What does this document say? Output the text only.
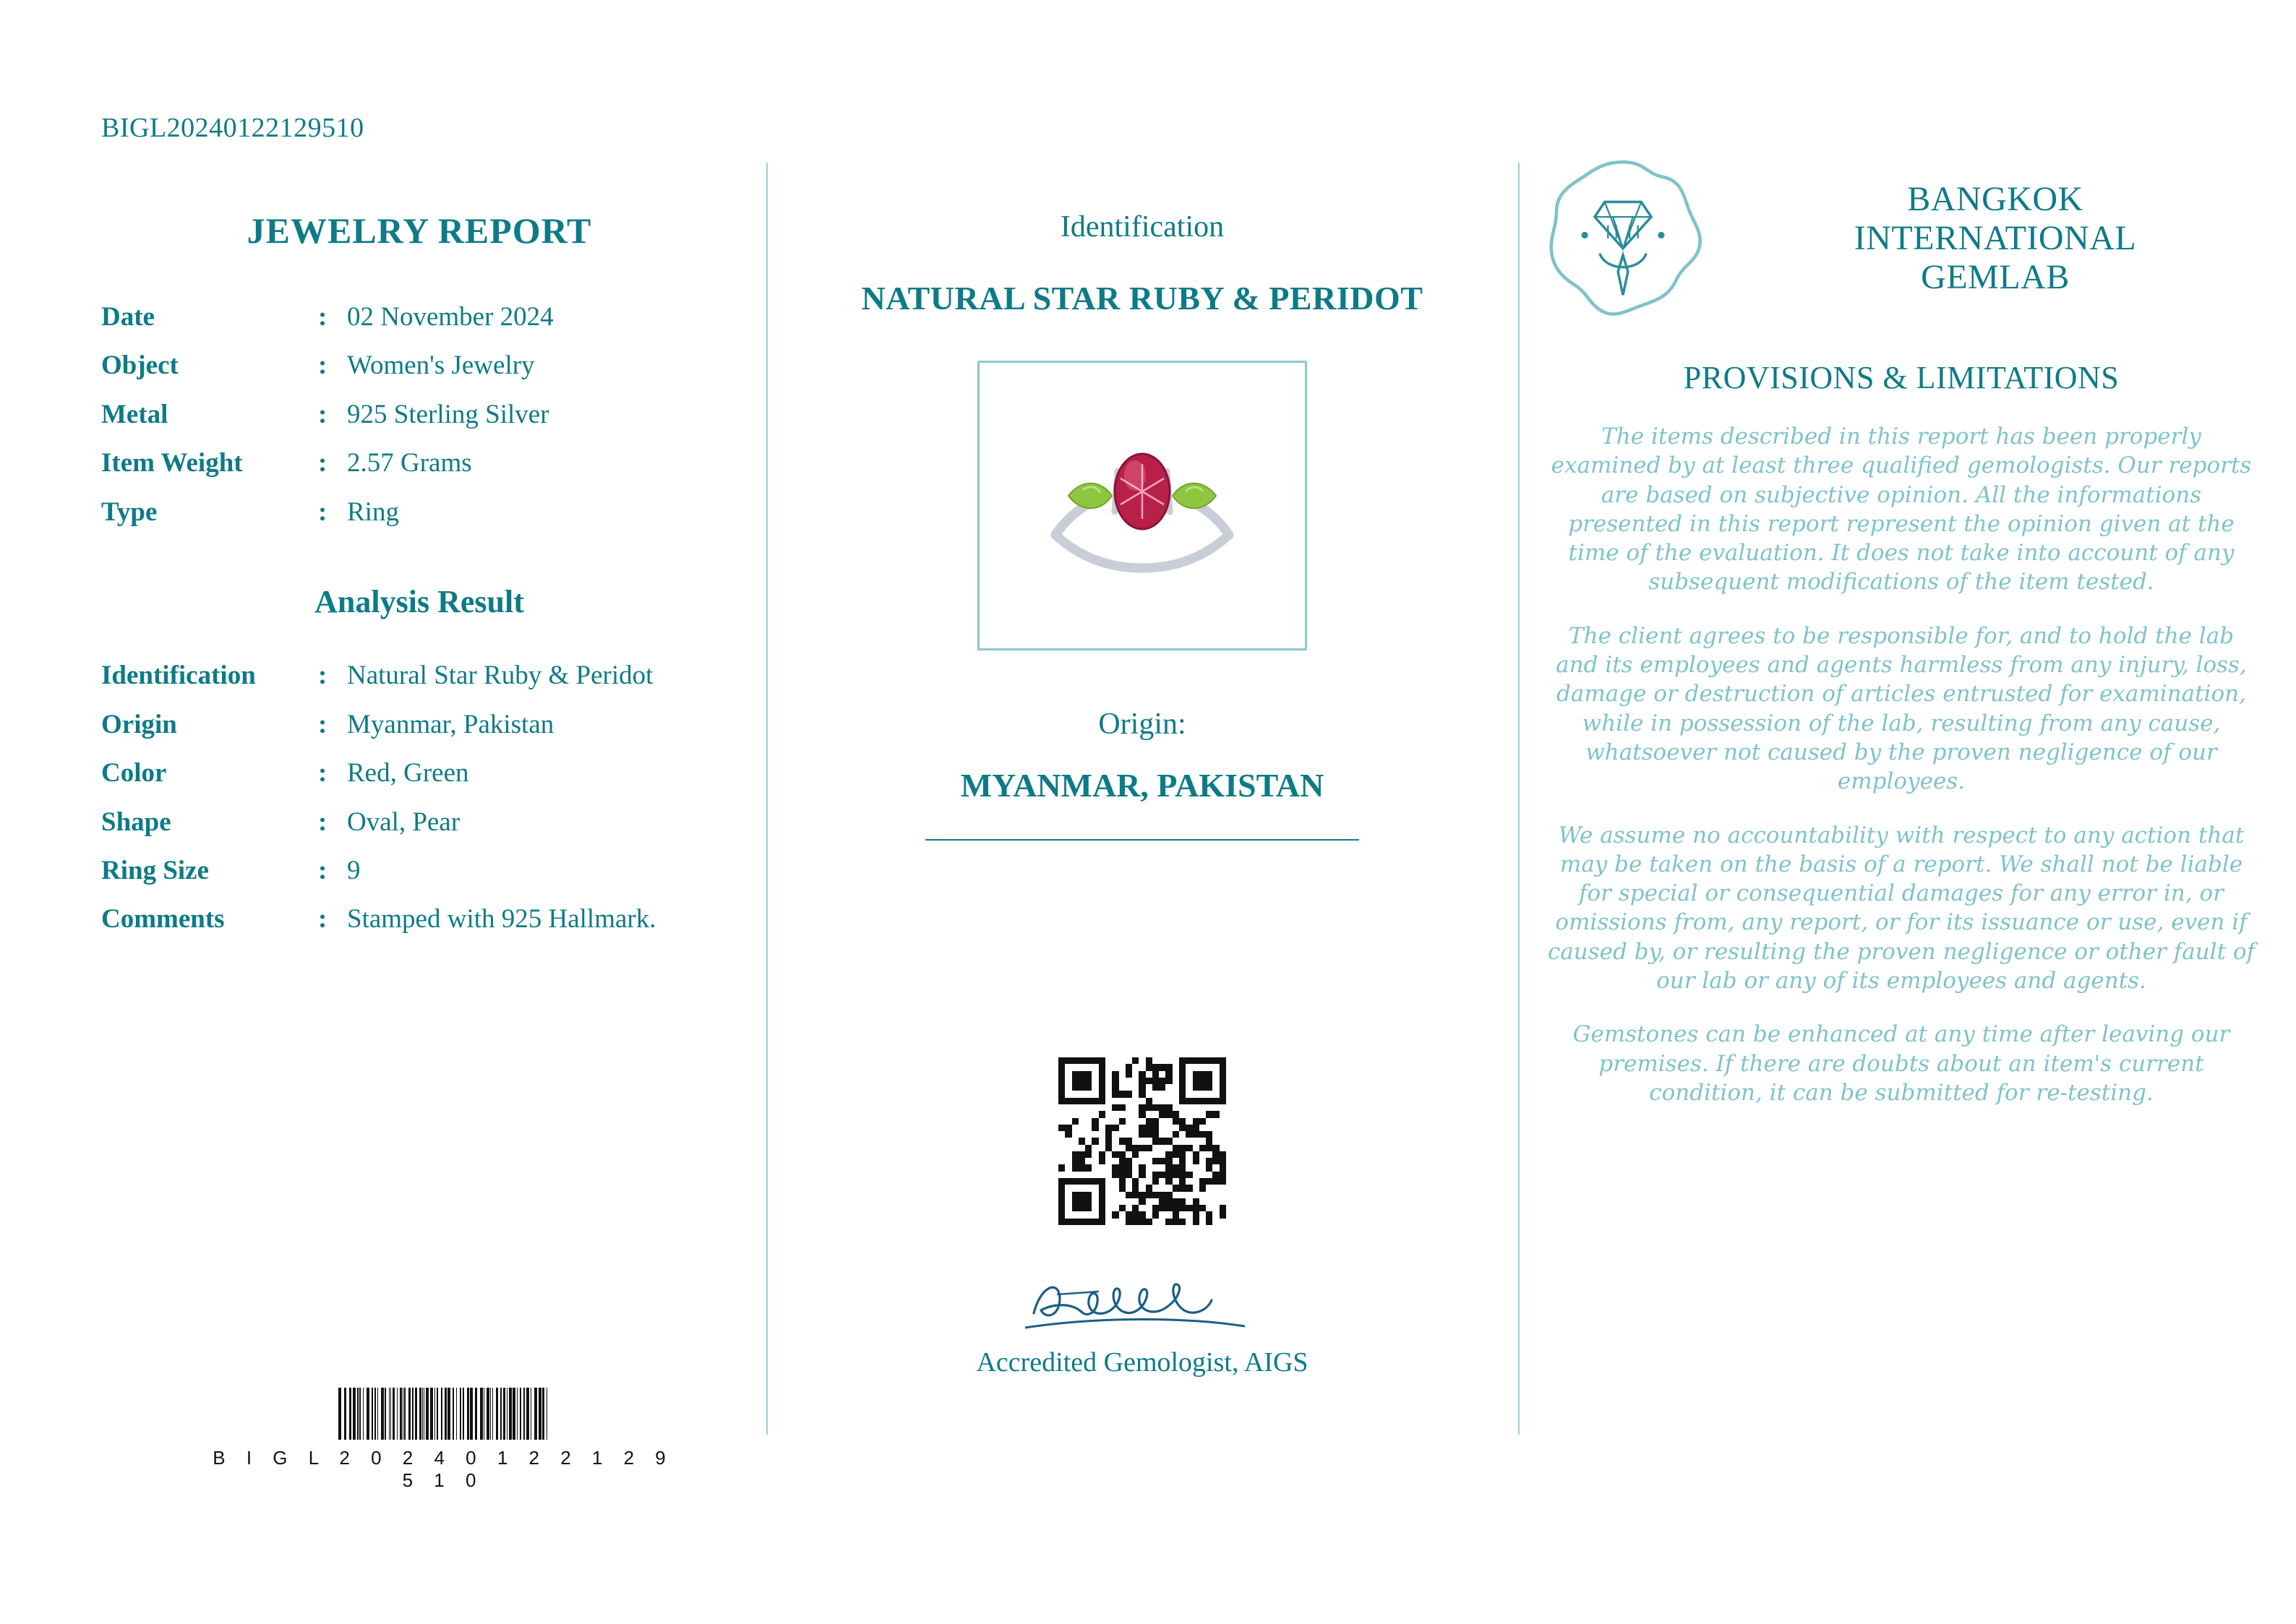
BIGL20240122129510
JEWELRY REPORT
Date	:	02 November 2024
Object	:	Women's Jewelry
Metal	:	925 Sterling Silver
Item Weight	:	2.57 Grams
Type	:	Ring
Analysis Result
Identification	:	Natural Star Ruby & Peridot
Origin	:	Myanmar, Pakistan
Color	:	Red, Green
Shape	:	Oval, Pear
Ring Size	:	9
Comments	:	Stamped with 925 Hallmark.
B I G L 2 0 2 4 0 1 2 2 1 2 9 5 1 0
Identification
NATURAL STAR RUBY & PERIDOT
Origin:
MYANMAR, PAKISTAN
Accredited Gemologist, AIGS
BANGKOK
INTERNATIONAL
GEMLAB
PROVISIONS & LIMITATIONS

The items described in this report has been properly examined by at least three qualified gemologists. Our reports are based on subjective opinion. All the informations presented in this report represent the opinion given at the time of the evaluation. It does not take into account of any subsequent modifications of the item tested.

The client agrees to be responsible for, and to hold the lab and its employees and agents harmless from any injury, loss, damage or destruction of articles entrusted for examination, while in possession of the lab, resulting from any cause, whatsoever not caused by the proven negligence of our employees.

We assume no accountability with respect to any action that may be taken on the basis of a report. We shall not be liable for special or consequential damages for any error in, or omissions from, any report, or for its issuance or use, even if caused by, or resulting the proven negligence or other fault of our lab or any of its employees and agents.

Gemstones can be enhanced at any time after leaving our premises. If there are doubts about an item's current condition, it can be submitted for re-testing.
